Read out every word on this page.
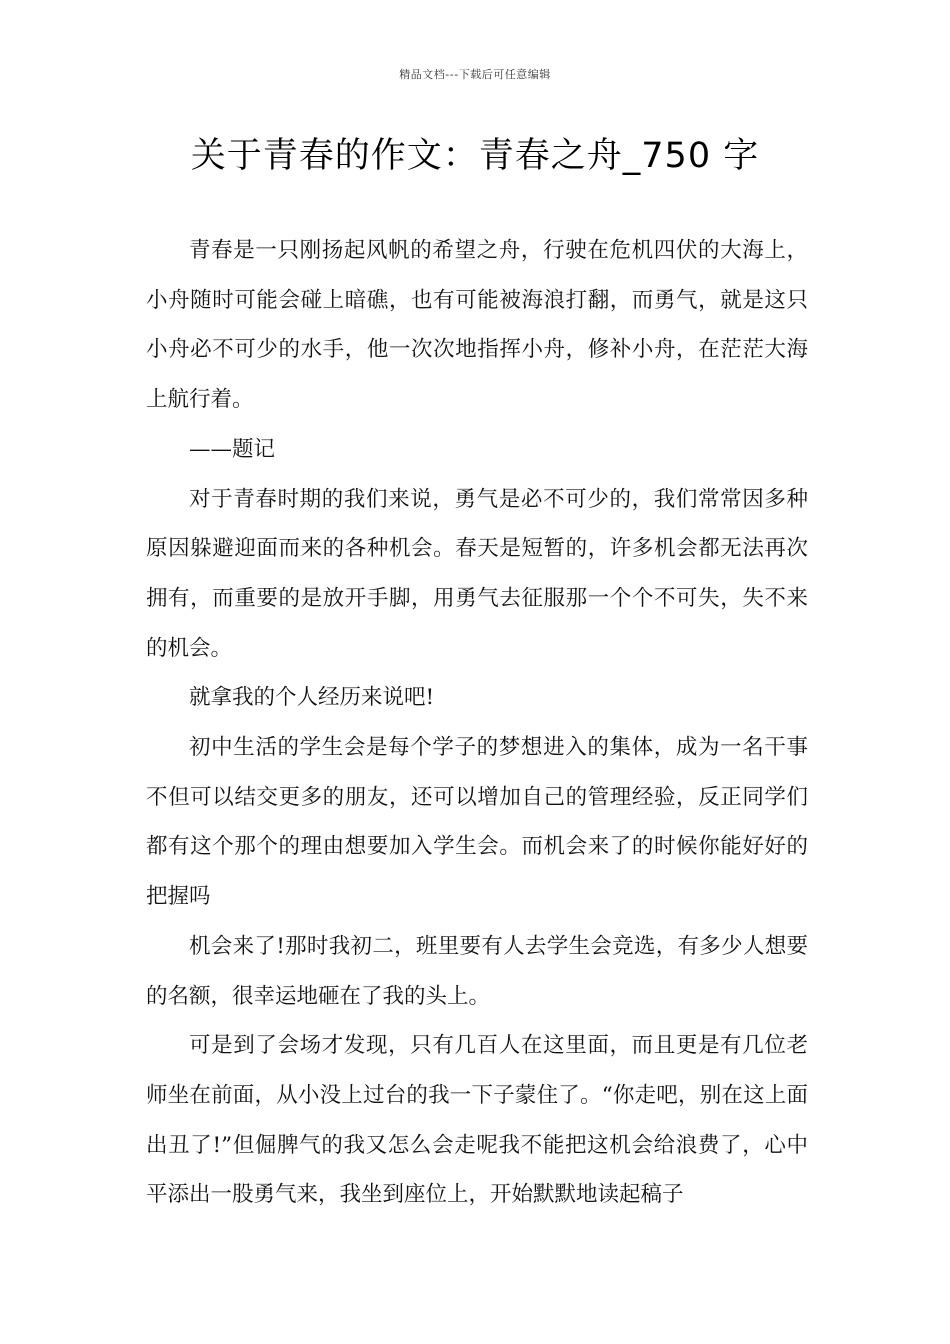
精品文档---下载后可任意编辑
关于青春的作文：青春之舟_750 字

青春是一只刚扬起风帆的希望之舟，行驶在危机四伏的大海上，小舟随时可能会碰上暗礁，也有可能被海浪打翻，而勇气，就是这只小舟必不可少的水手，他一次次地指挥小舟，修补小舟，在茫茫大海上航行着。

——题记

对于青春时期的我们来说，勇气是必不可少的，我们常常因多种原因躲避迎面而来的各种机会。春天是短暂的，许多机会都无法再次拥有，而重要的是放开手脚，用勇气去征服那一个个不可失，失不来的机会。

就拿我的个人经历来说吧!

初中生活的学生会是每个学子的梦想进入的集体，成为一名干事不但可以结交更多的朋友，还可以增加自己的管理经验，反正同学们都有这个那个的理由想要加入学生会。而机会来了的时候你能好好的把握吗

机会来了!那时我初二，班里要有人去学生会竞选，有多少人想要的名额，很幸运地砸在了我的头上。

可是到了会场才发现，只有几百人在这里面，而且更是有几位老师坐在前面，从小没上过台的我一下子蒙住了。“你走吧，别在这上面出丑了!”但倔脾气的我又怎么会走呢我不能把这机会给浪费了，心中平添出一股勇气来，我坐到座位上，开始默默地读起稿子
